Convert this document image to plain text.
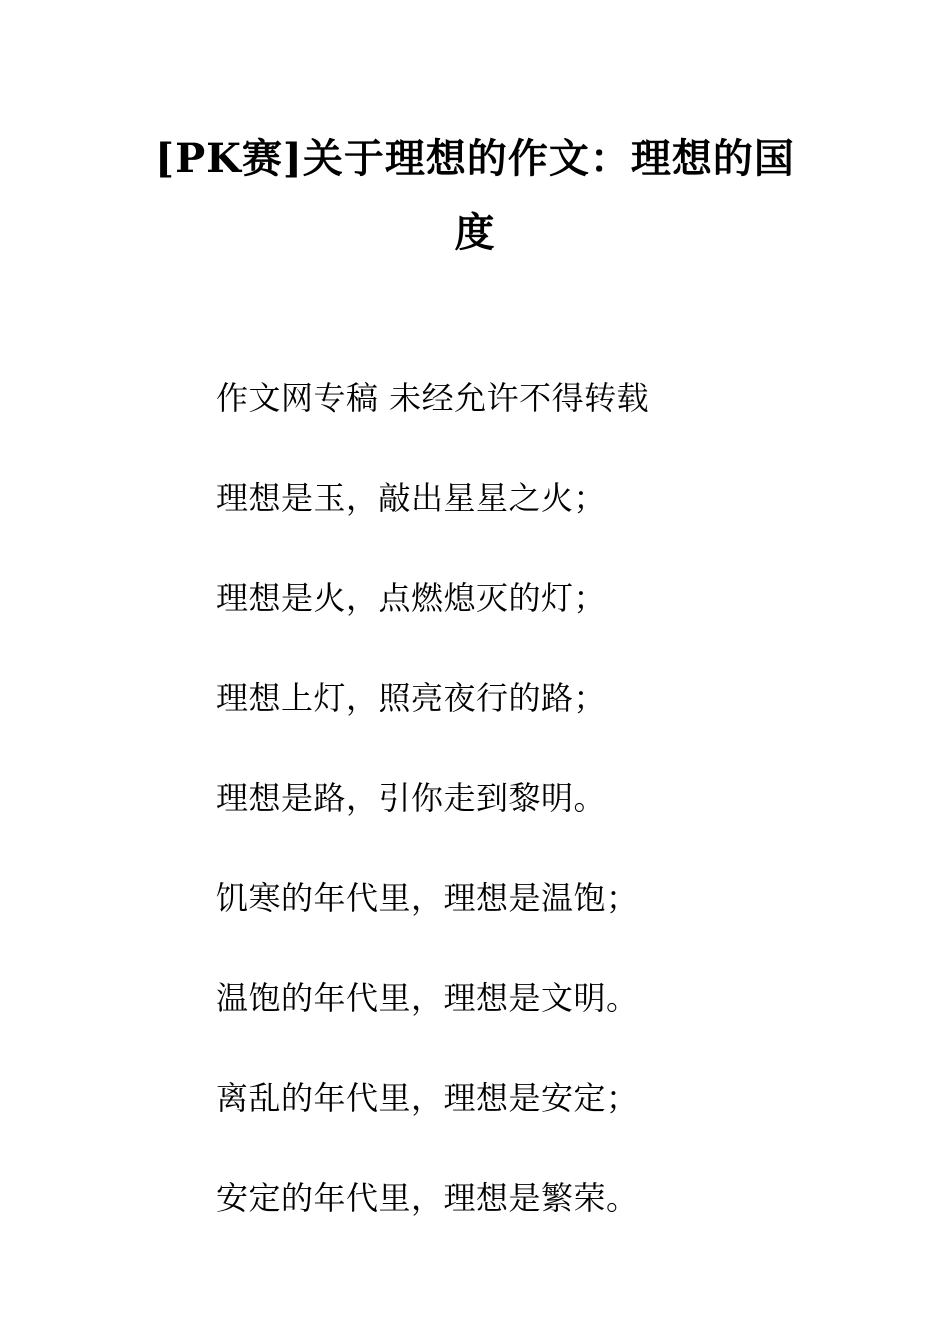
[PK赛]关于理想的作文：理想的国度
作文网专稿 未经允许不得转载
理想是玉，敲出星星之火；
理想是火，点燃熄灭的灯；
理想上灯，照亮夜行的路；
理想是路，引你走到黎明。
饥寒的年代里，理想是温饱；
温饱的年代里，理想是文明。
离乱的年代里，理想是安定；
安定的年代里，理想是繁荣。
